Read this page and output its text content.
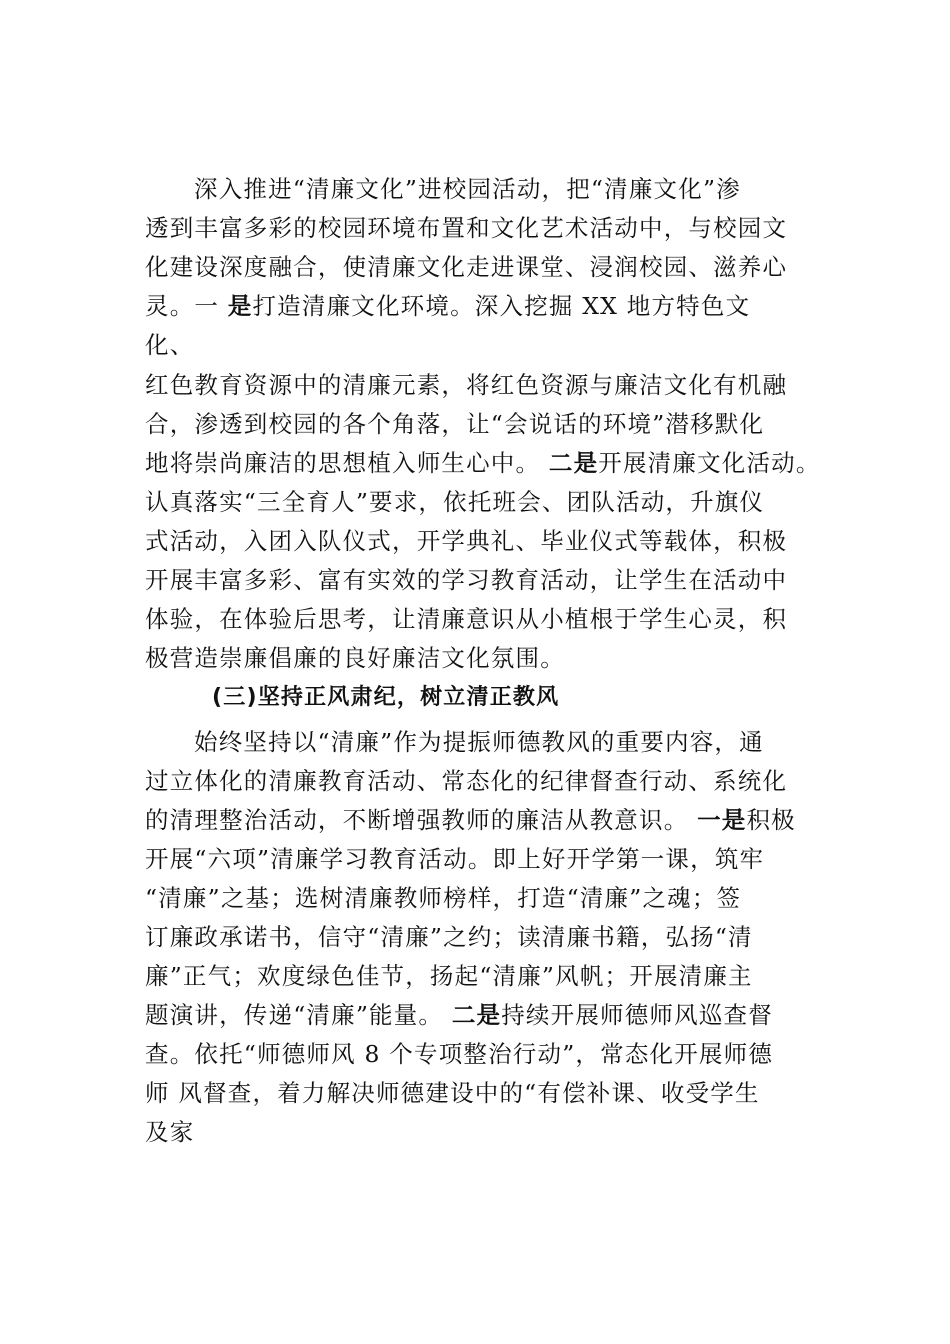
深入推进“清廉文化”进校园活动，把“清廉文化”渗
透到丰富多彩的校园环境布置和文化艺术活动中，与校园文
化建设深度融合，使清廉文化走进课堂、浸润校园、滋养心
灵。一 是打造清廉文化环境。深入挖掘 XX 地方特色文
化、
红色教育资源中的清廉元素，将红色资源与廉洁文化有机融
合，渗透到校园的各个角落，让“会说话的环境”潜移默化
地将崇尚廉洁的思想植入师生心中。 二是开展清廉文化活动。
认真落实“三全育人”要求，依托班会、团队活动，升旗仪
式活动，入团入队仪式，开学典礼、毕业仪式等载体，积极
开展丰富多彩、富有实效的学习教育活动，让学生在活动中
体验，在体验后思考，让清廉意识从小植根于学生心灵，积
极营造崇廉倡廉的良好廉洁文化氛围。
(三)坚持正风肃纪，树立清正教风
始终坚持以“清廉”作为提振师德教风的重要内容，通
过立体化的清廉教育活动、常态化的纪律督查行动、系统化
的清理整治活动，不断增强教师的廉洁从教意识。 一是积极
开展“六项”清廉学习教育活动。即上好开学第一课，筑牢
“清廉”之基；选树清廉教师榜样，打造“清廉”之魂；签
订廉政承诺书，信守“清廉”之约；读清廉书籍，弘扬“清
廉”正气；欢度绿色佳节，扬起“清廉”风帆；开展清廉主
题演讲，传递“清廉”能量。 二是持续开展师德师风巡查督
查。依托“师德师风 8 个专项整治行动”，常态化开展师德
师 风督查，着力解决师德建设中的“有偿补课、收受学生
及家
